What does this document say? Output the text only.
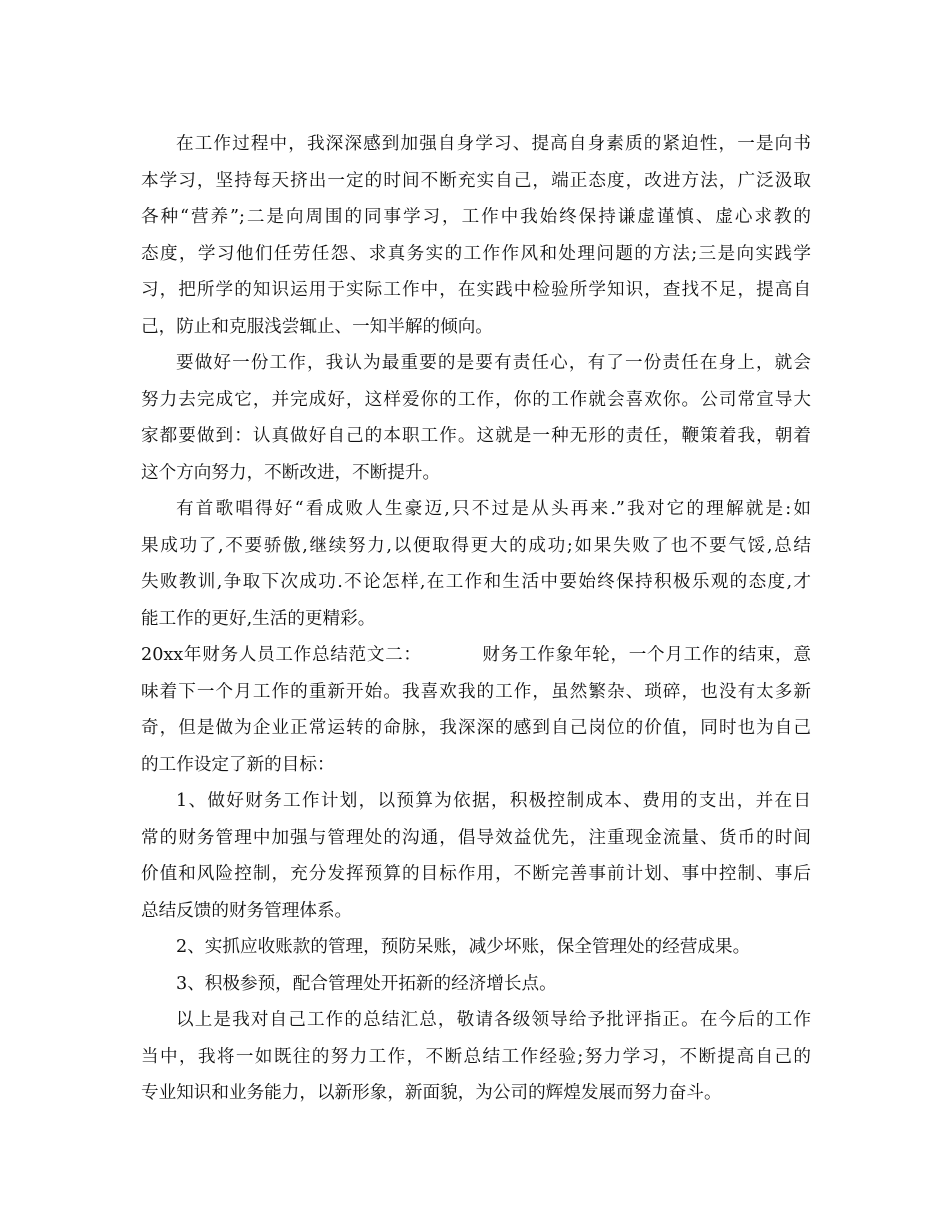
在工作过程中，我深深感到加强自身学习、提高自身素质的紧迫性，一是向书
本学习，坚持每天挤出一定的时间不断充实自己，端正态度，改进方法，广泛汲取
各种“营养”;二是向周围的同事学习，工作中我始终保持谦虚谨慎、虚心求教的
态度，学习他们任劳任怨、求真务实的工作作风和处理问题的方法;三是向实践学
习，把所学的知识运用于实际工作中，在实践中检验所学知识，查找不足，提高自
己，防止和克服浅尝辄止、一知半解的倾向。
要做好一份工作，我认为最重要的是要有责任心，有了一份责任在身上，就会
努力去完成它，并完成好，这样爱你的工作，你的工作就会喜欢你。公司常宣导大
家都要做到：认真做好自己的本职工作。这就是一种无形的责任，鞭策着我，朝着
这个方向努力，不断改进，不断提升。
有首歌唱得好“看成败人生豪迈,只不过是从头再来.”我对它的理解就是:如
果成功了,不要骄傲,继续努力,以便取得更大的成功;如果失败了也不要气馁,总结
失败教训,争取下次成功.不论怎样,在工作和生活中要始终保持积极乐观的态度,才
能工作的更好,生活的更精彩。
20xx年财务人员工作总结范文二：	财务工作象年轮，一个月工作的结束，意
味着下一个月工作的重新开始。我喜欢我的工作，虽然繁杂、琐碎，也没有太多新
奇，但是做为企业正常运转的命脉，我深深的感到自己岗位的价值，同时也为自己
的工作设定了新的目标：
1、做好财务工作计划，以预算为依据，积极控制成本、费用的支出，并在日
常的财务管理中加强与管理处的沟通，倡导效益优先，注重现金流量、货币的时间
价值和风险控制，充分发挥预算的目标作用，不断完善事前计划、事中控制、事后
总结反馈的财务管理体系。
2、实抓应收账款的管理，预防呆账，减少坏账，保全管理处的经营成果。
3、积极参预，配合管理处开拓新的经济增长点。
以上是我对自己工作的总结汇总，敬请各级领导给予批评指正。在今后的工作
当中，我将一如既往的努力工作，不断总结工作经验;努力学习，不断提高自己的
专业知识和业务能力，以新形象，新面貌，为公司的辉煌发展而努力奋斗。
